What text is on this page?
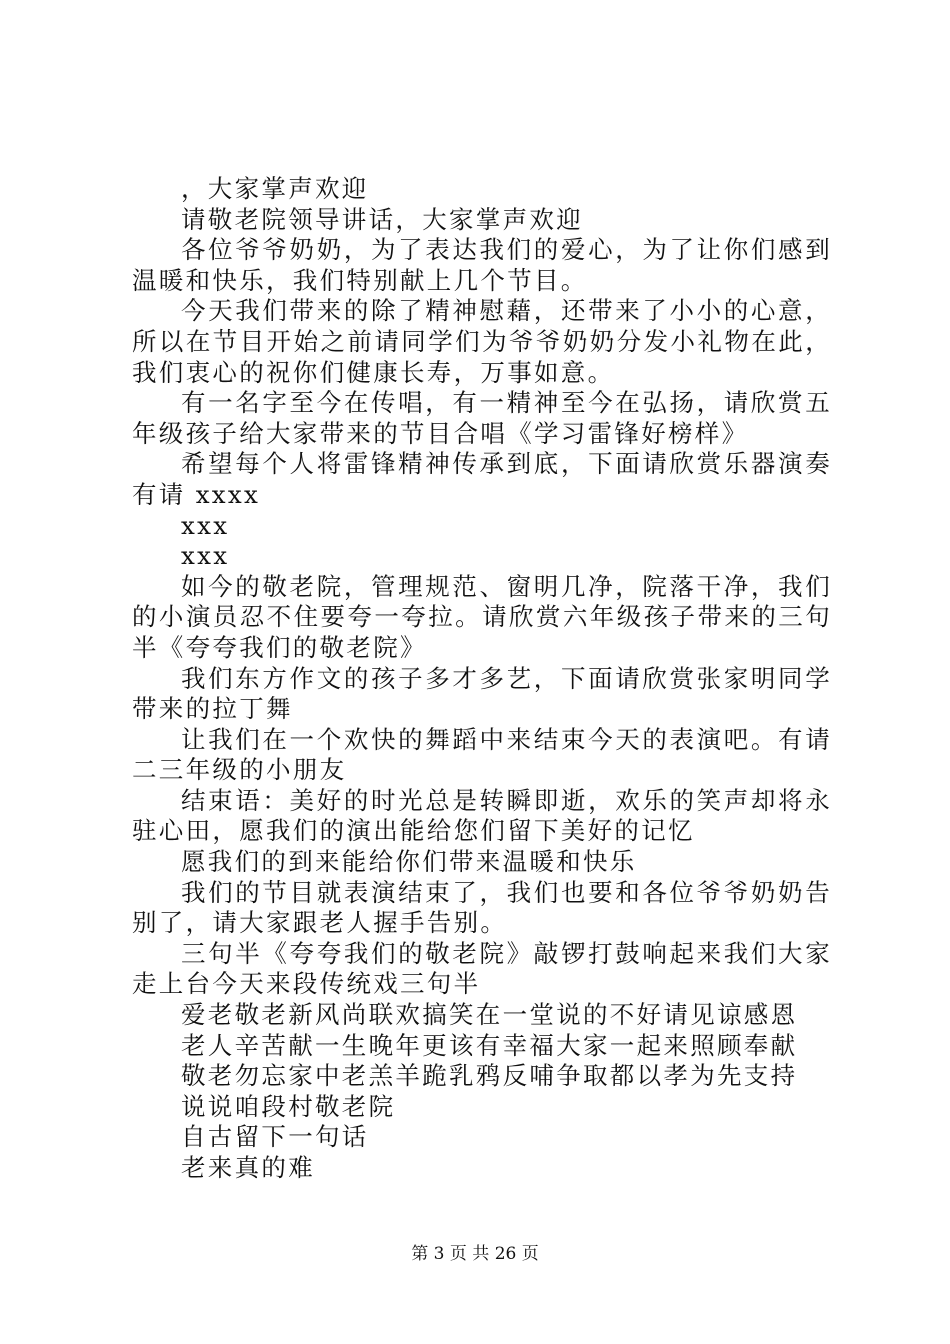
，大家掌声欢迎

请敬老院领导讲话，大家掌声欢迎

各位爷爷奶奶，为了表达我们的爱心，为了让你们感到温暖和快乐，我们特别献上几个节目。

今天我们带来的除了精神慰藉，还带来了小小的心意，所以在节目开始之前请同学们为爷爷奶奶分发小礼物在此，我们衷心的祝你们健康长寿，万事如意。

有一名字至今在传唱，有一精神至今在弘扬，请欣赏五年级孩子给大家带来的节目合唱《学习雷锋好榜样》

希望每个人将雷锋精神传承到底，下面请欣赏乐器演奏有请 xxxx

xxx

xxx

如今的敬老院，管理规范、窗明几净，院落干净，我们的小演员忍不住要夸一夸拉。请欣赏六年级孩子带来的三句半《夸夸我们的敬老院》

我们东方作文的孩子多才多艺，下面请欣赏张家明同学带来的拉丁舞

让我们在一个欢快的舞蹈中来结束今天的表演吧。有请二三年级的小朋友

结束语：美好的时光总是转瞬即逝，欢乐的笑声却将永驻心田，愿我们的演出能给您们留下美好的记忆

愿我们的到来能给你们带来温暖和快乐

我们的节目就表演结束了，我们也要和各位爷爷奶奶告别了，请大家跟老人握手告别。

三句半《夸夸我们的敬老院》敲锣打鼓响起来我们大家走上台今天来段传统戏三句半

爱老敬老新风尚联欢搞笑在一堂说的不好请见谅感恩

老人辛苦献一生晚年更该有幸福大家一起来照顾奉献

敬老勿忘家中老羔羊跪乳鸦反哺争取都以孝为先支持

说说咱段村敬老院

自古留下一句话

老来真的难

第 3 页 共 26 页
